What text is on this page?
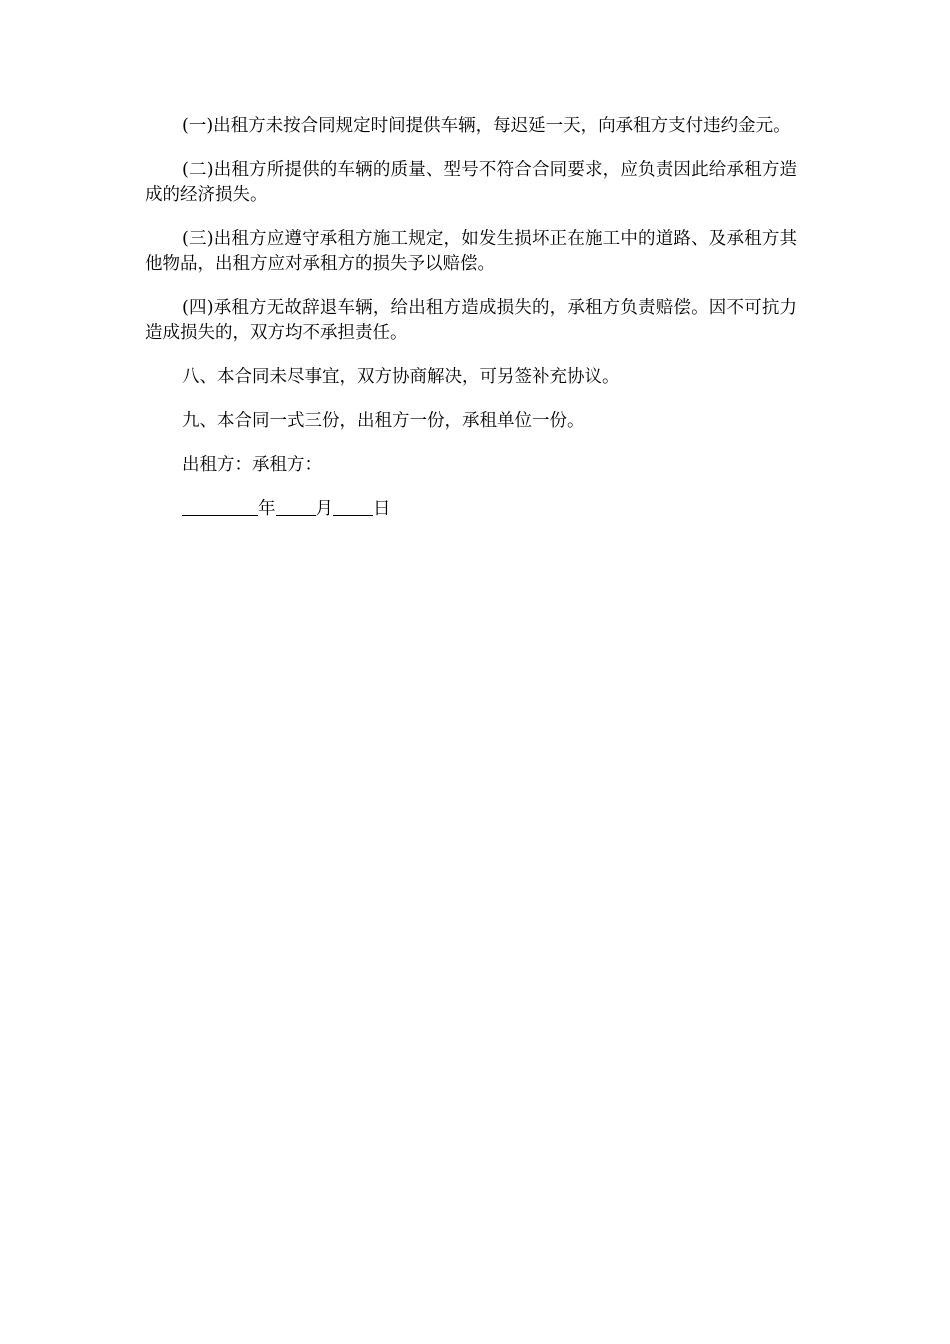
(一)出租方未按合同规定时间提供车辆，每迟延一天，向承租方支付违约金元。

(二)出租方所提供的车辆的质量、型号不符合合同要求，应负责因此给承租方造成的经济损失。

(三)出租方应遵守承租方施工规定，如发生损坏正在施工中的道路、及承租方其他物品，出租方应对承租方的损失予以赔偿。

(四)承租方无故辞退车辆，给出租方造成损失的，承租方负责赔偿。因不可抗力造成损失的，双方均不承担责任。

八、本合同未尽事宜，双方协商解决，可另签补充协议。

九、本合同一式三份，出租方一份，承租单位一份。

出租方：承租方：

年 月 日
